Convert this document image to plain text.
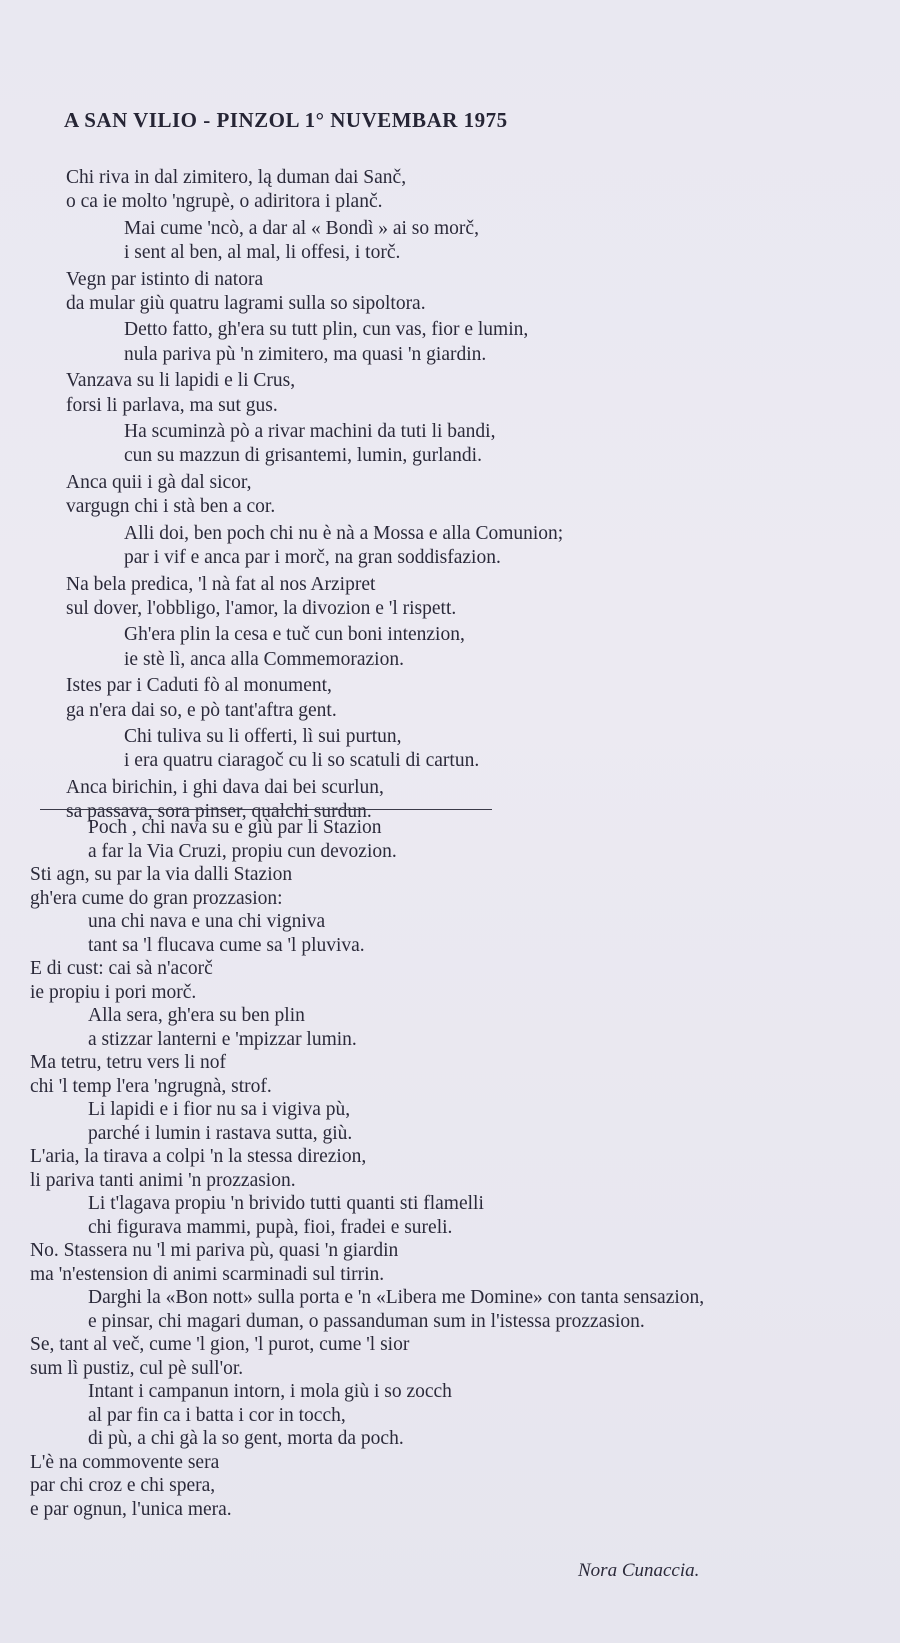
A SAN VILIO - PINZOL 1° NUVEMBAR 1975
Chi riva in dal zimitero, lą duman dai Sanč,
o ca ie molto 'ngrupè, o adiritora i planč.
Mai cume 'ncò, a dar al « Bondì » ai so morč,
i sent al ben, al mal, li offesi, i torč.
Vegn par istinto di natora
da mular giù quatru lagrami sulla so sipoltora.
Detto fatto, gh'era su tutt plin, cun vas, fior e lumin,
nula pariva pù 'n zimitero, ma quasi 'n giardin.
Vanzava su li lapidi e li Crus,
forsi li parlava, ma sut gus.
Ha scuminzà pò a rivar machini da tuti li bandi,
cun su mazzun di grisantemi, lumin, gurlandi.
Anca quii i gà dal sicor,
vargugn chi i stà ben a cor.
Alli doi, ben poch chi nu è nà a Mossa e alla Comunion;
par i vif e anca par i morč, na gran soddisfazion.
Na bela predica, 'l nà fat al nos Arzipret
sul dover, l'obbligo, l'amor, la divozion e 'l rispett.
Gh'era plin la cesa e tuč cun boni intenzion,
ie stè lì, anca alla Commemorazion.
Istes par i Caduti fò al monument,
ga n'era dai so, e pò tant'aftra gent.
Chi tuliva su li offerti, lì sui purtun,
i era quatru ciaragoč cu li so scatuli di cartun.
Anca birichin, i ghi dava dai bei scurlun,
sa passava, sora pinser, qualchi surdun.
Poch , chi nava su e giù par li Stazion
a far la Via Cruzi, propiu cun devozion.
Sti agn, su par la via dalli Stazion
gh'era cume do gran prozzasion:
una chi nava e una chi vigniva
tant sa 'l flucava cume sa 'l pluviva.
E di cust: cai sà n'acorč
ie propiu i pori morč.
Alla sera, gh'era su ben plin
a stizzar lanterni e 'mpizzar lumin.
Ma tetru, tetru vers li nof
chi 'l temp l'era 'ngrugnà, strof.
Li lapidi e i fior nu sa i vigiva pù,
parché i lumin i rastava sutta, giù.
L'aria, la tirava a colpi 'n la stessa direzion,
li pariva tanti animi 'n prozzasion.
Li t'lagava propiu 'n brivido tutti quanti sti flamelli
chi figurava mammi, pupà, fioi, fradei e sureli.
No. Stassera nu 'l mi pariva pù, quasi 'n giardin
ma 'n'estension di animi scarminadi sul tirrin.
Darghi la «Bon nott» sulla porta e 'n «Libera me Domine» con tanta sensazion,
e pinsar, chi magari duman, o passanduman sum in l'istessa prozzasion.
Se, tant al več, cume 'l gion, 'l purot, cume 'l sior
sum lì pustiz, cul pè sull'or.
Intant i campanun intorn, i mola giù i so zocch
al par fin ca i batta i cor in tocch,
di pù, a chi gà la so gent, morta da poch.
L'è na commovente sera
par chi croz e chi spera,
e par ognun, l'unica mera.
Nora Cunaccia.
